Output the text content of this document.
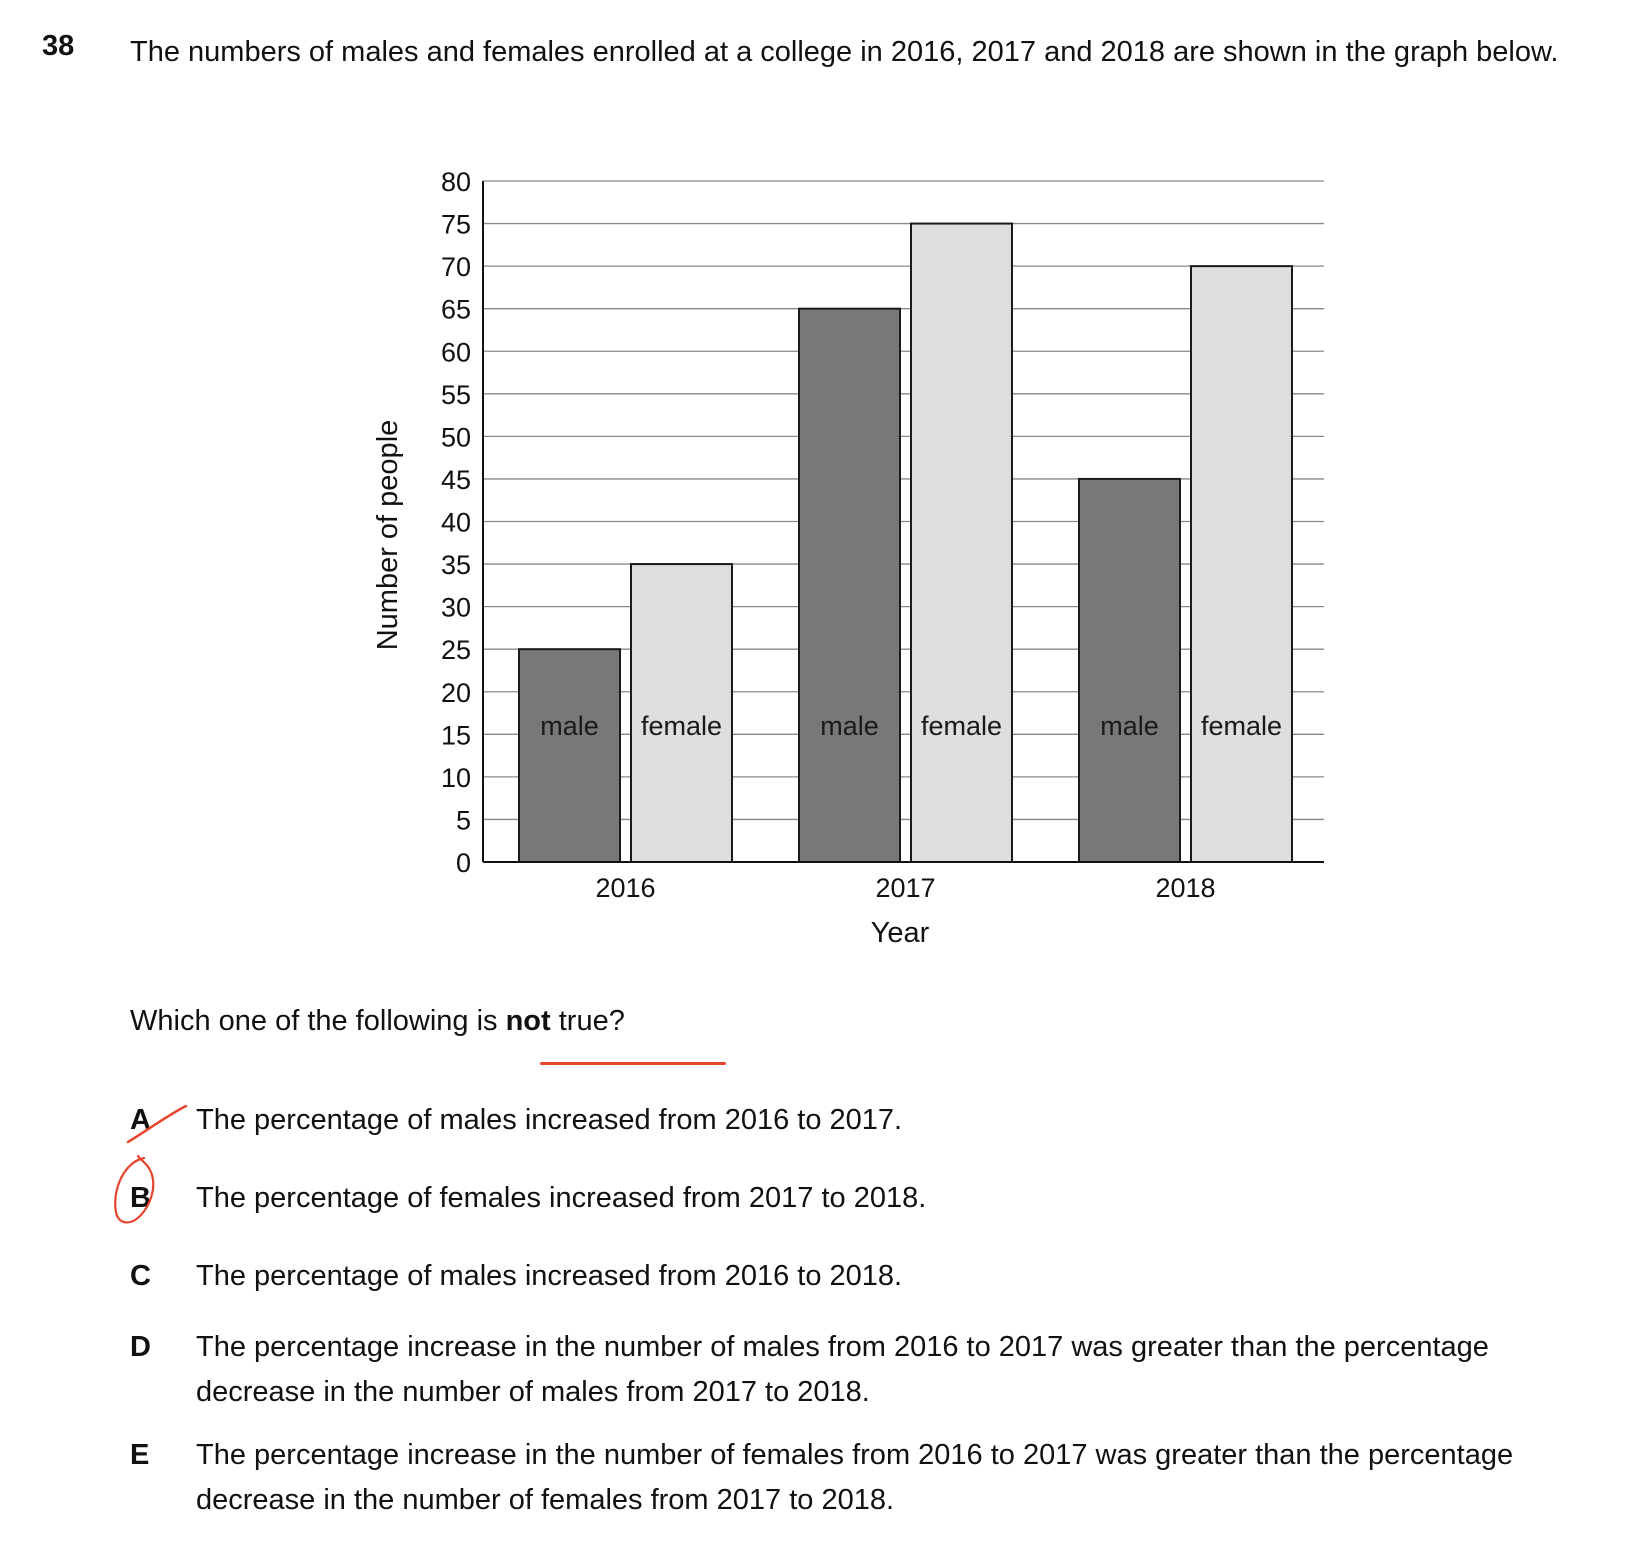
38 The numbers of males and females enrolled at a college in 2016, 2017 and 2018 are shown in the graph below.
0
5
10
15
20
25
30
35
40
45
50
55
60
65
70
75
80
male female
2016
male female
2017
male female
2018
Year
Number of people
Which one of the following is not true?
A The percentage of males increased from 2016 to 2017.
B The percentage of females increased from 2017 to 2018.
C The percentage of males increased from 2016 to 2018.
D The percentage increase in the number of males from 2016 to 2017 was greater than the percentage decrease in the number of males from 2017 to 2018.
E The percentage increase in the number of females from 2016 to 2017 was greater than the percentage decrease in the number of females from 2017 to 2018.
